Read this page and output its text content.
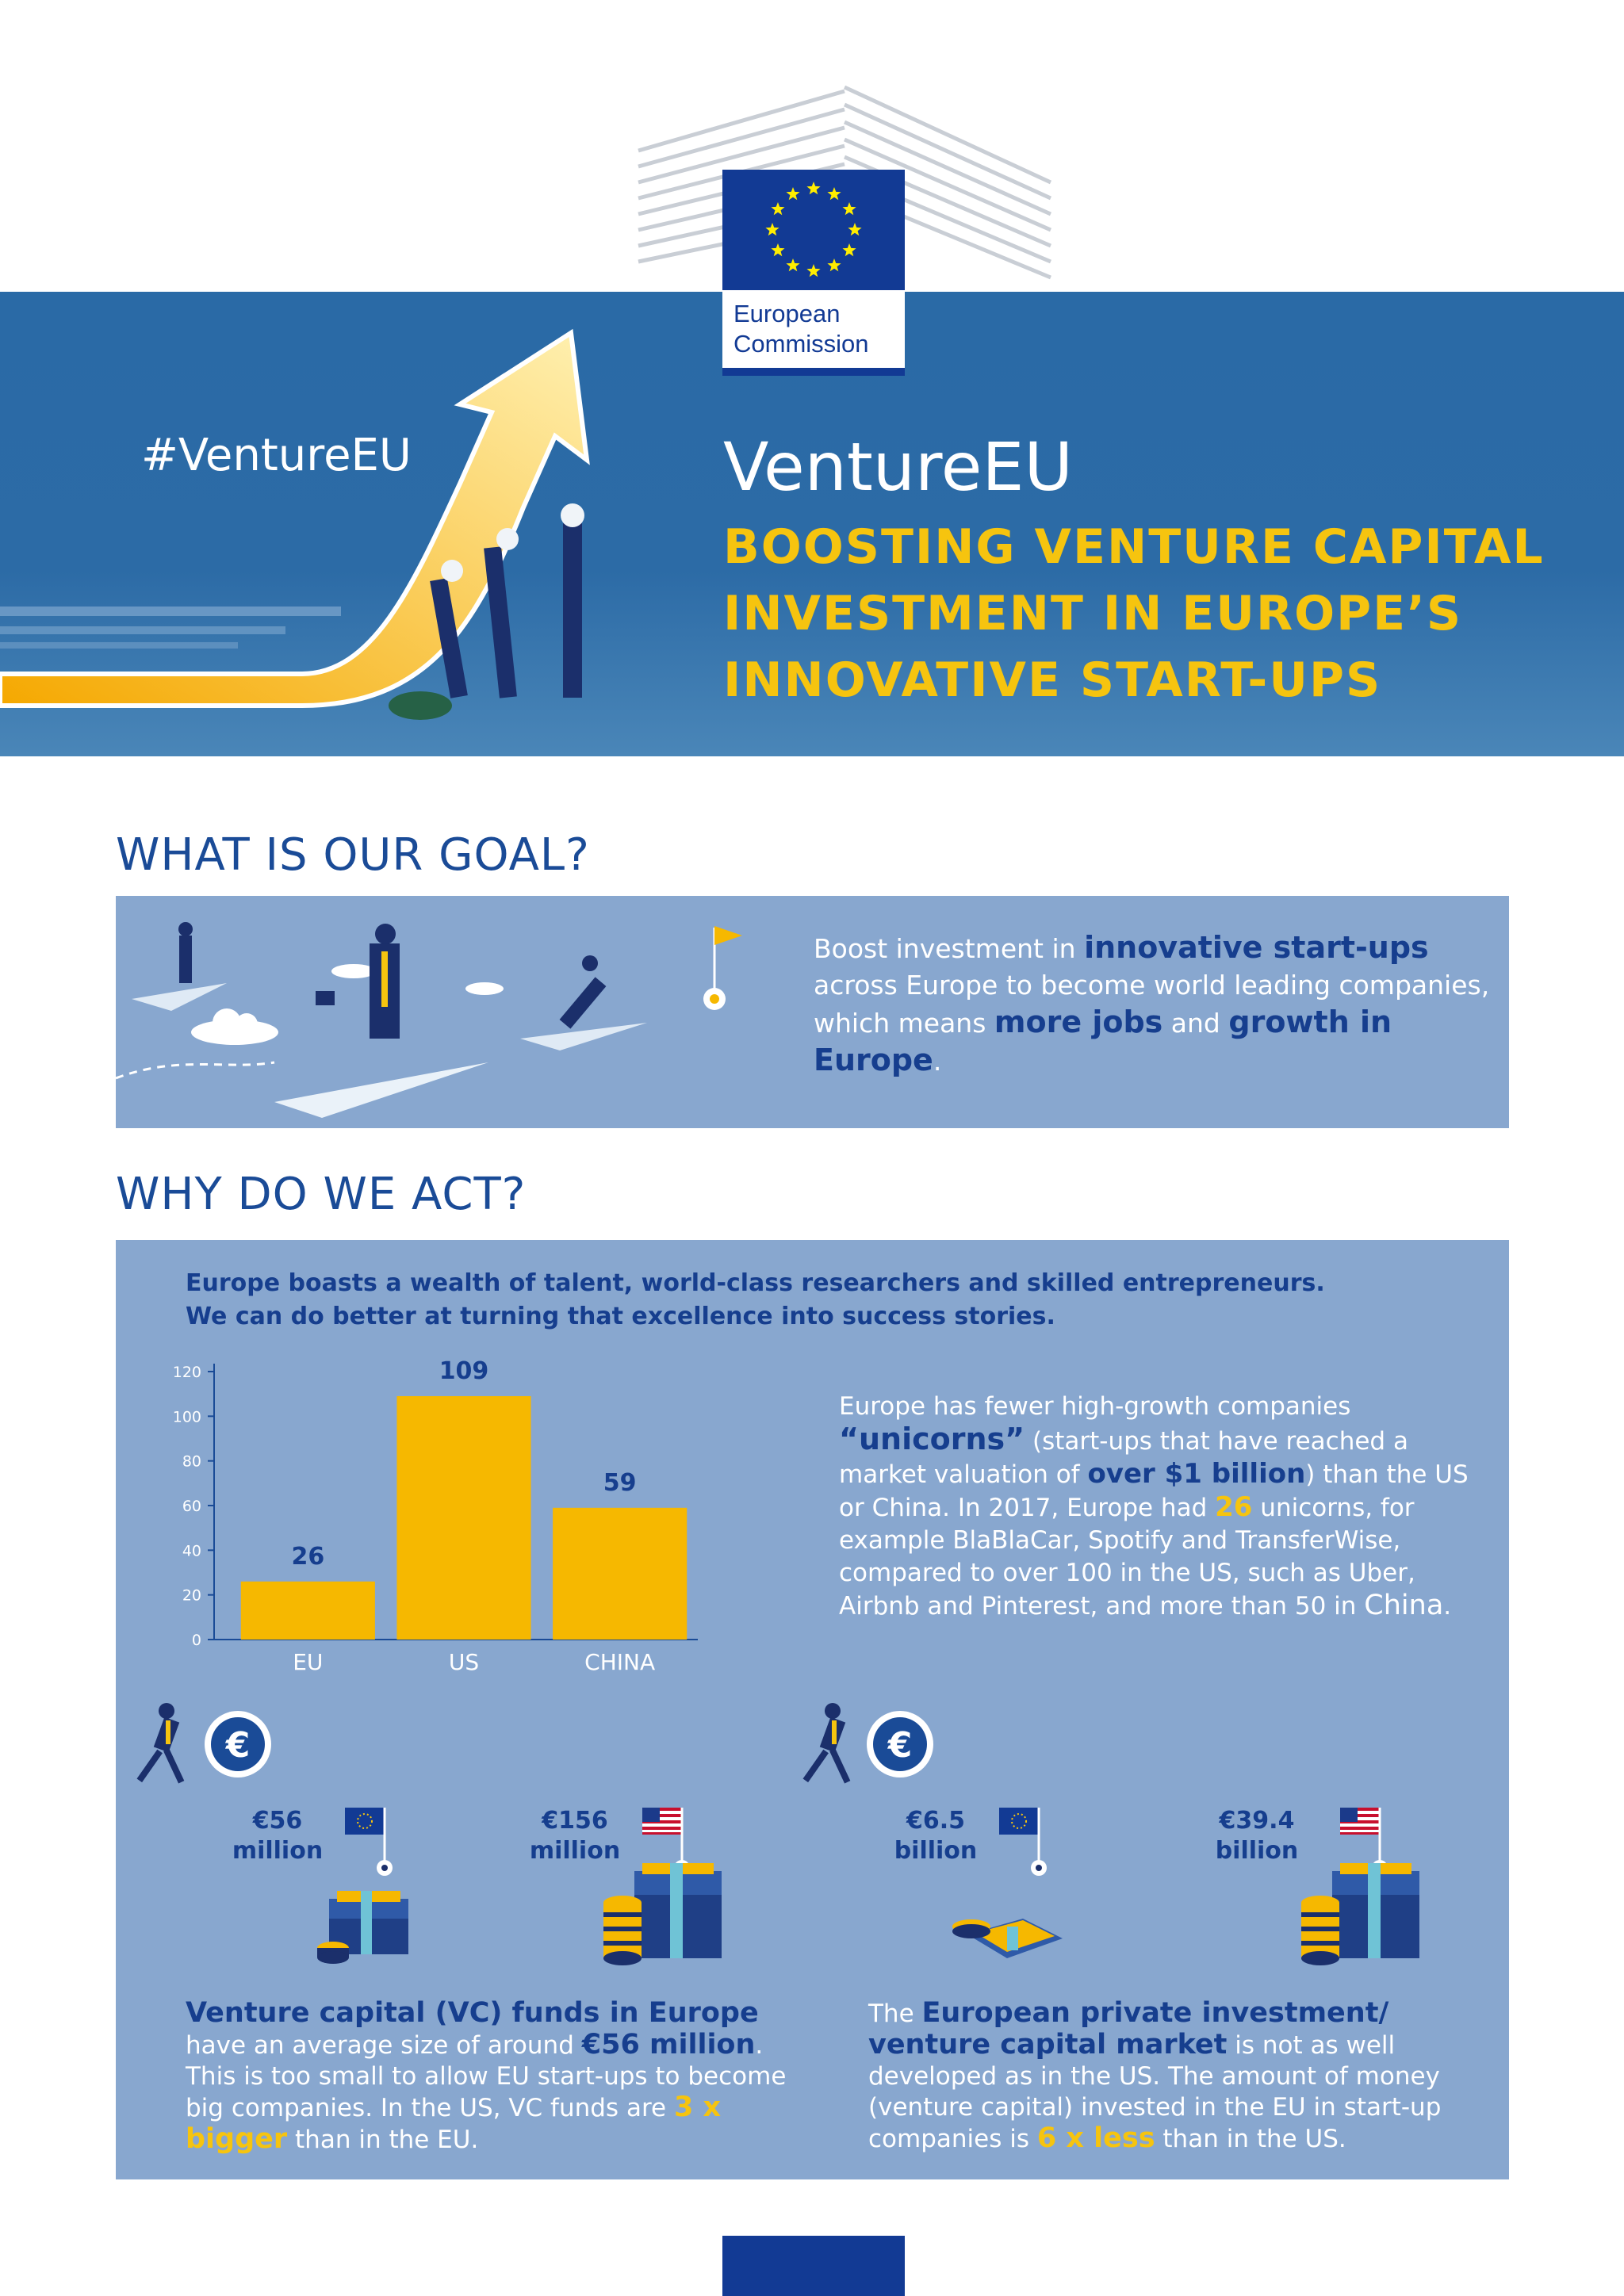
European
Commission
#VentureEU	VentureEU
BOOSTING VENTURE CAPITAL
INVESTMENT IN EUROPE’S
INNOVATIVE START-UPS
WHAT IS OUR GOAL?
Boost investment in innovative start-ups across Europe to become world leading companies, which means more jobs and growth in Europe.
WHY DO WE ACT?
Europe boasts a wealth of talent, world-class researchers and skilled entrepreneurs.
We can do better at turning that excellence into success stories.
0
20
40
60
80
100
120
26
EU
109
US
59
CHINA
Europe has fewer high-growth companies “unicorns” (start-ups that have reached a market valuation of over $1 billion) than the US or China. In 2017, Europe had 26 unicorns, for example BlaBlaCar, Spotify and TransferWise, compared to over 100 in the US, such as Uber, Airbnb and Pinterest, and more than 50 in China.
€	€
€56
million
€156
million
€6.5
billion
€39.4
billion
Venture capital (VC) funds in Europe have an average size of around €56 million. This is too small to allow EU start-ups to become big companies. In the US, VC funds are 3 x bigger than in the EU.
The European private investment/ venture capital market is not as well developed as in the US. The amount of money (venture capital) invested in the EU in start-up companies is 6 x less than in the US.
